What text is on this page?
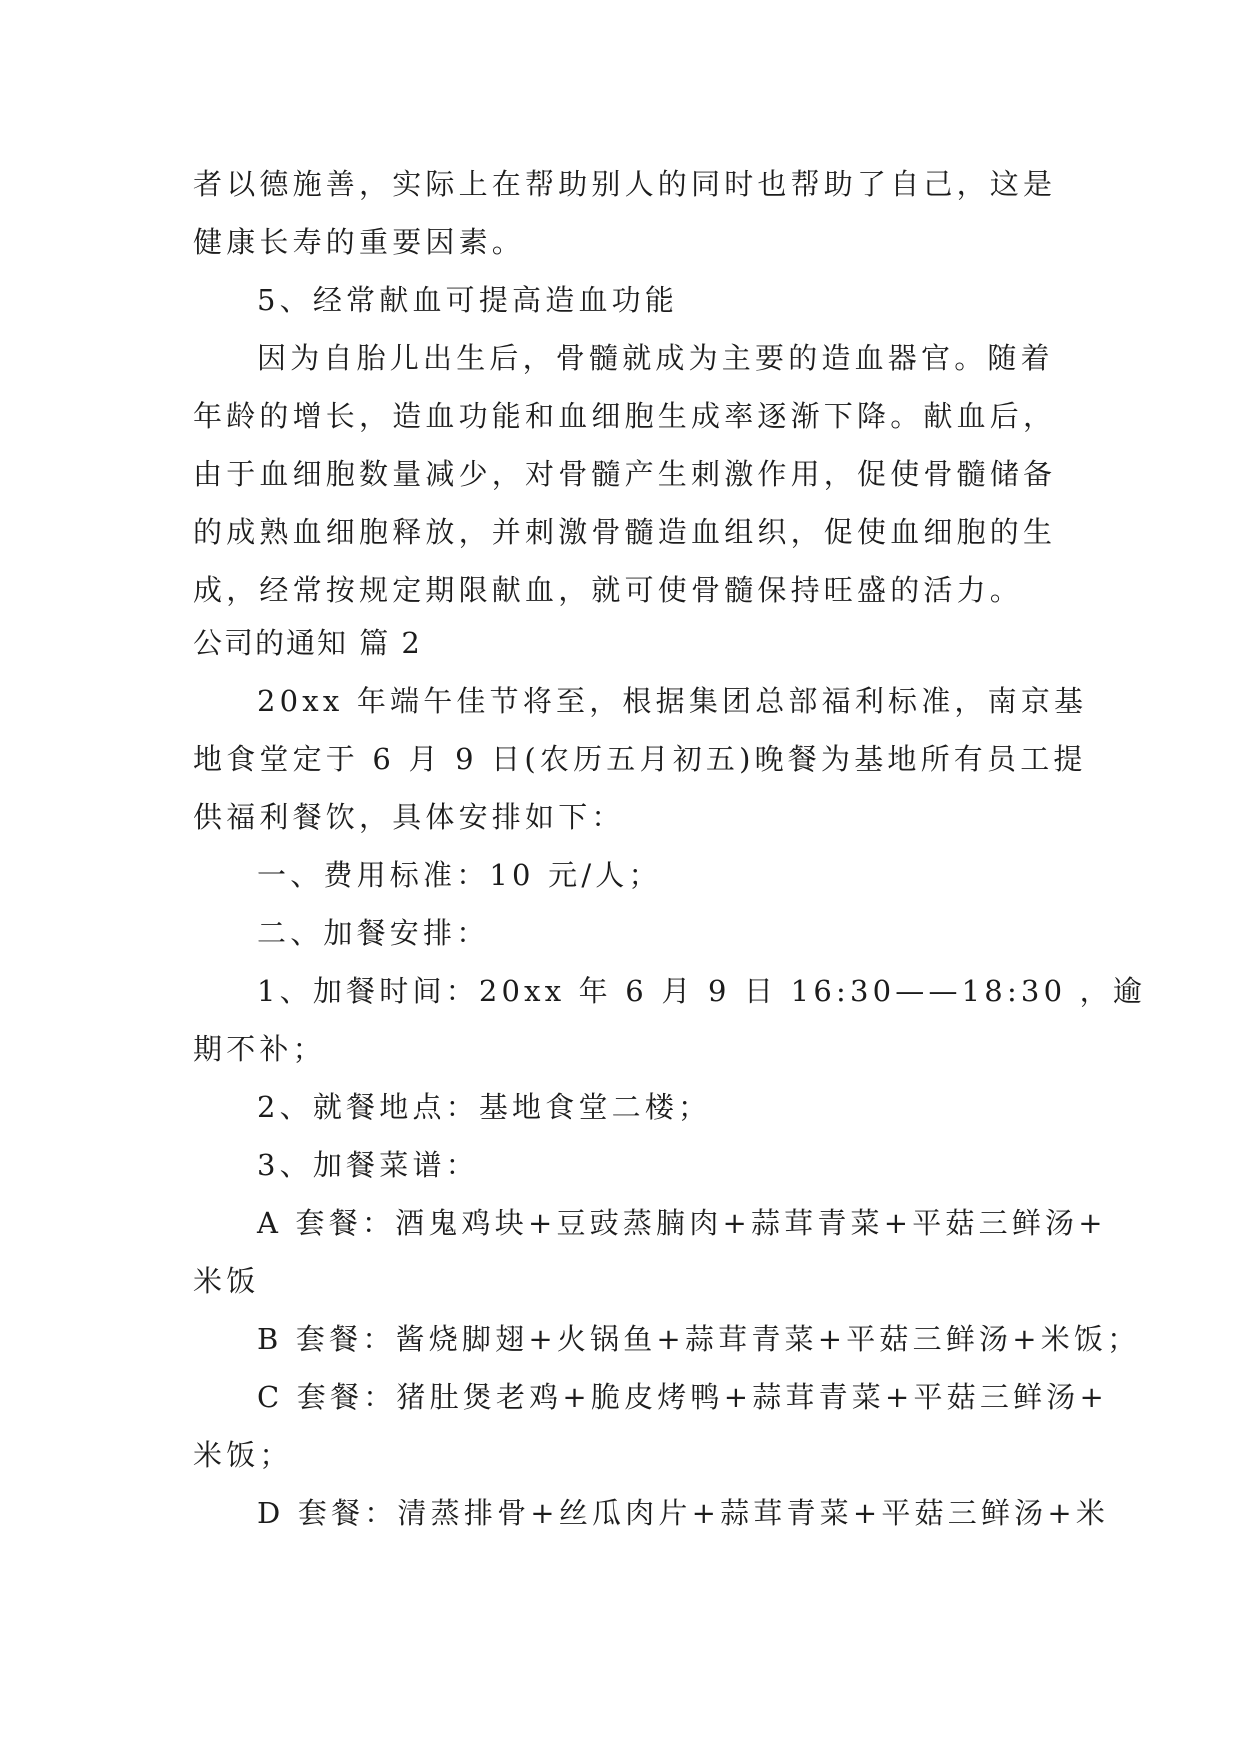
者以德施善，实际上在帮助别人的同时也帮助了自己，这是
健康长寿的重要因素。
5、经常献血可提高造血功能
因为自胎儿出生后，骨髓就成为主要的造血器官。随着
年龄的增长，造血功能和血细胞生成率逐渐下降。献血后，
由于血细胞数量减少，对骨髓产生刺激作用，促使骨髓储备
的成熟血细胞释放，并刺激骨髓造血组织，促使血细胞的生
成，经常按规定期限献血，就可使骨髓保持旺盛的活力。
公司的通知 篇 2
20xx 年端午佳节将至，根据集团总部福利标准，南京基
地食堂定于 6 月 9 日(农历五月初五)晚餐为基地所有员工提
供福利餐饮，具体安排如下：
一、费用标准：10 元/人；
二、加餐安排：
1、加餐时间：20xx 年 6 月 9 日 16:30——18:30 ，逾
期不补；
2、就餐地点：基地食堂二楼；
3、加餐菜谱：
A 套餐：酒鬼鸡块+豆豉蒸腩肉+蒜茸青菜+平菇三鲜汤+
米饭
B 套餐：酱烧脚翅+火锅鱼+蒜茸青菜+平菇三鲜汤+米饭；
C 套餐：猪肚煲老鸡+脆皮烤鸭+蒜茸青菜+平菇三鲜汤+
米饭；
D 套餐：清蒸排骨+丝瓜肉片+蒜茸青菜+平菇三鲜汤+米
